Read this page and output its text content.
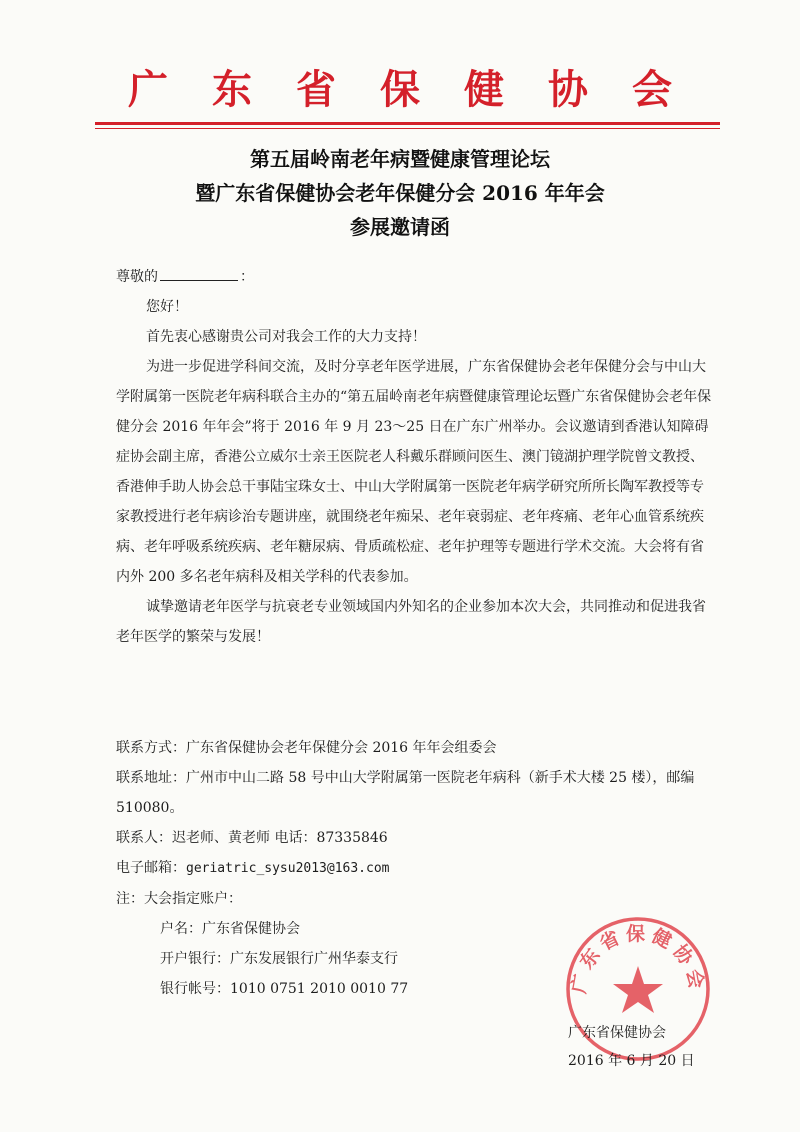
广东省保健协会
第五届岭南老年病暨健康管理论坛
暨广东省保健协会老年保健分会 2016 年年会
参展邀请函

尊敬的	：

您好！

首先衷心感谢贵公司对我会工作的大力支持！

为进一步促进学科间交流，及时分享老年医学进展，广东省保健协会老年保健分会与中山大学附属第一医院老年病科联合主办的“第五届岭南老年病暨健康管理论坛暨广东省保健协会老年保健分会 2016 年年会”将于 2016 年 9 月 23～25 日在广东广州举办。会议邀请到香港认知障碍症协会副主席，香港公立威尔士亲王医院老人科戴乐群顾问医生、澳门镜湖护理学院曾文教授、香港伸手助人协会总干事陆宝珠女士、中山大学附属第一医院老年病学研究所所长陶军教授等专家教授进行老年病诊治专题讲座，就围绕老年痴呆、老年衰弱症、老年疼痛、老年心血管系统疾病、老年呼吸系统疾病、老年糖尿病、骨质疏松症、老年护理等专题进行学术交流。大会将有省内外 200 多名老年病科及相关学科的代表参加。

诚挚邀请老年医学与抗衰老专业领域国内外知名的企业参加本次大会，共同推动和促进我省老年医学的繁荣与发展！

联系方式：广东省保健协会老年保健分会 2016 年年会组委会

联系地址：广州市中山二路 58 号中山大学附属第一医院老年病科（新手术大楼 25 楼），邮编 510080。

联系人：迟老师、黄老师 电话：87335846

电子邮箱：geriatric_sysu2013@163.com

注：大会指定账户：

户名：广东省保健协会

开户银行：广东发展银行广州华泰支行

银行帐号：1010 0751 2010 0010 77	广东省保健协会
广东省保健协会
2016 年 6 月 20 日
